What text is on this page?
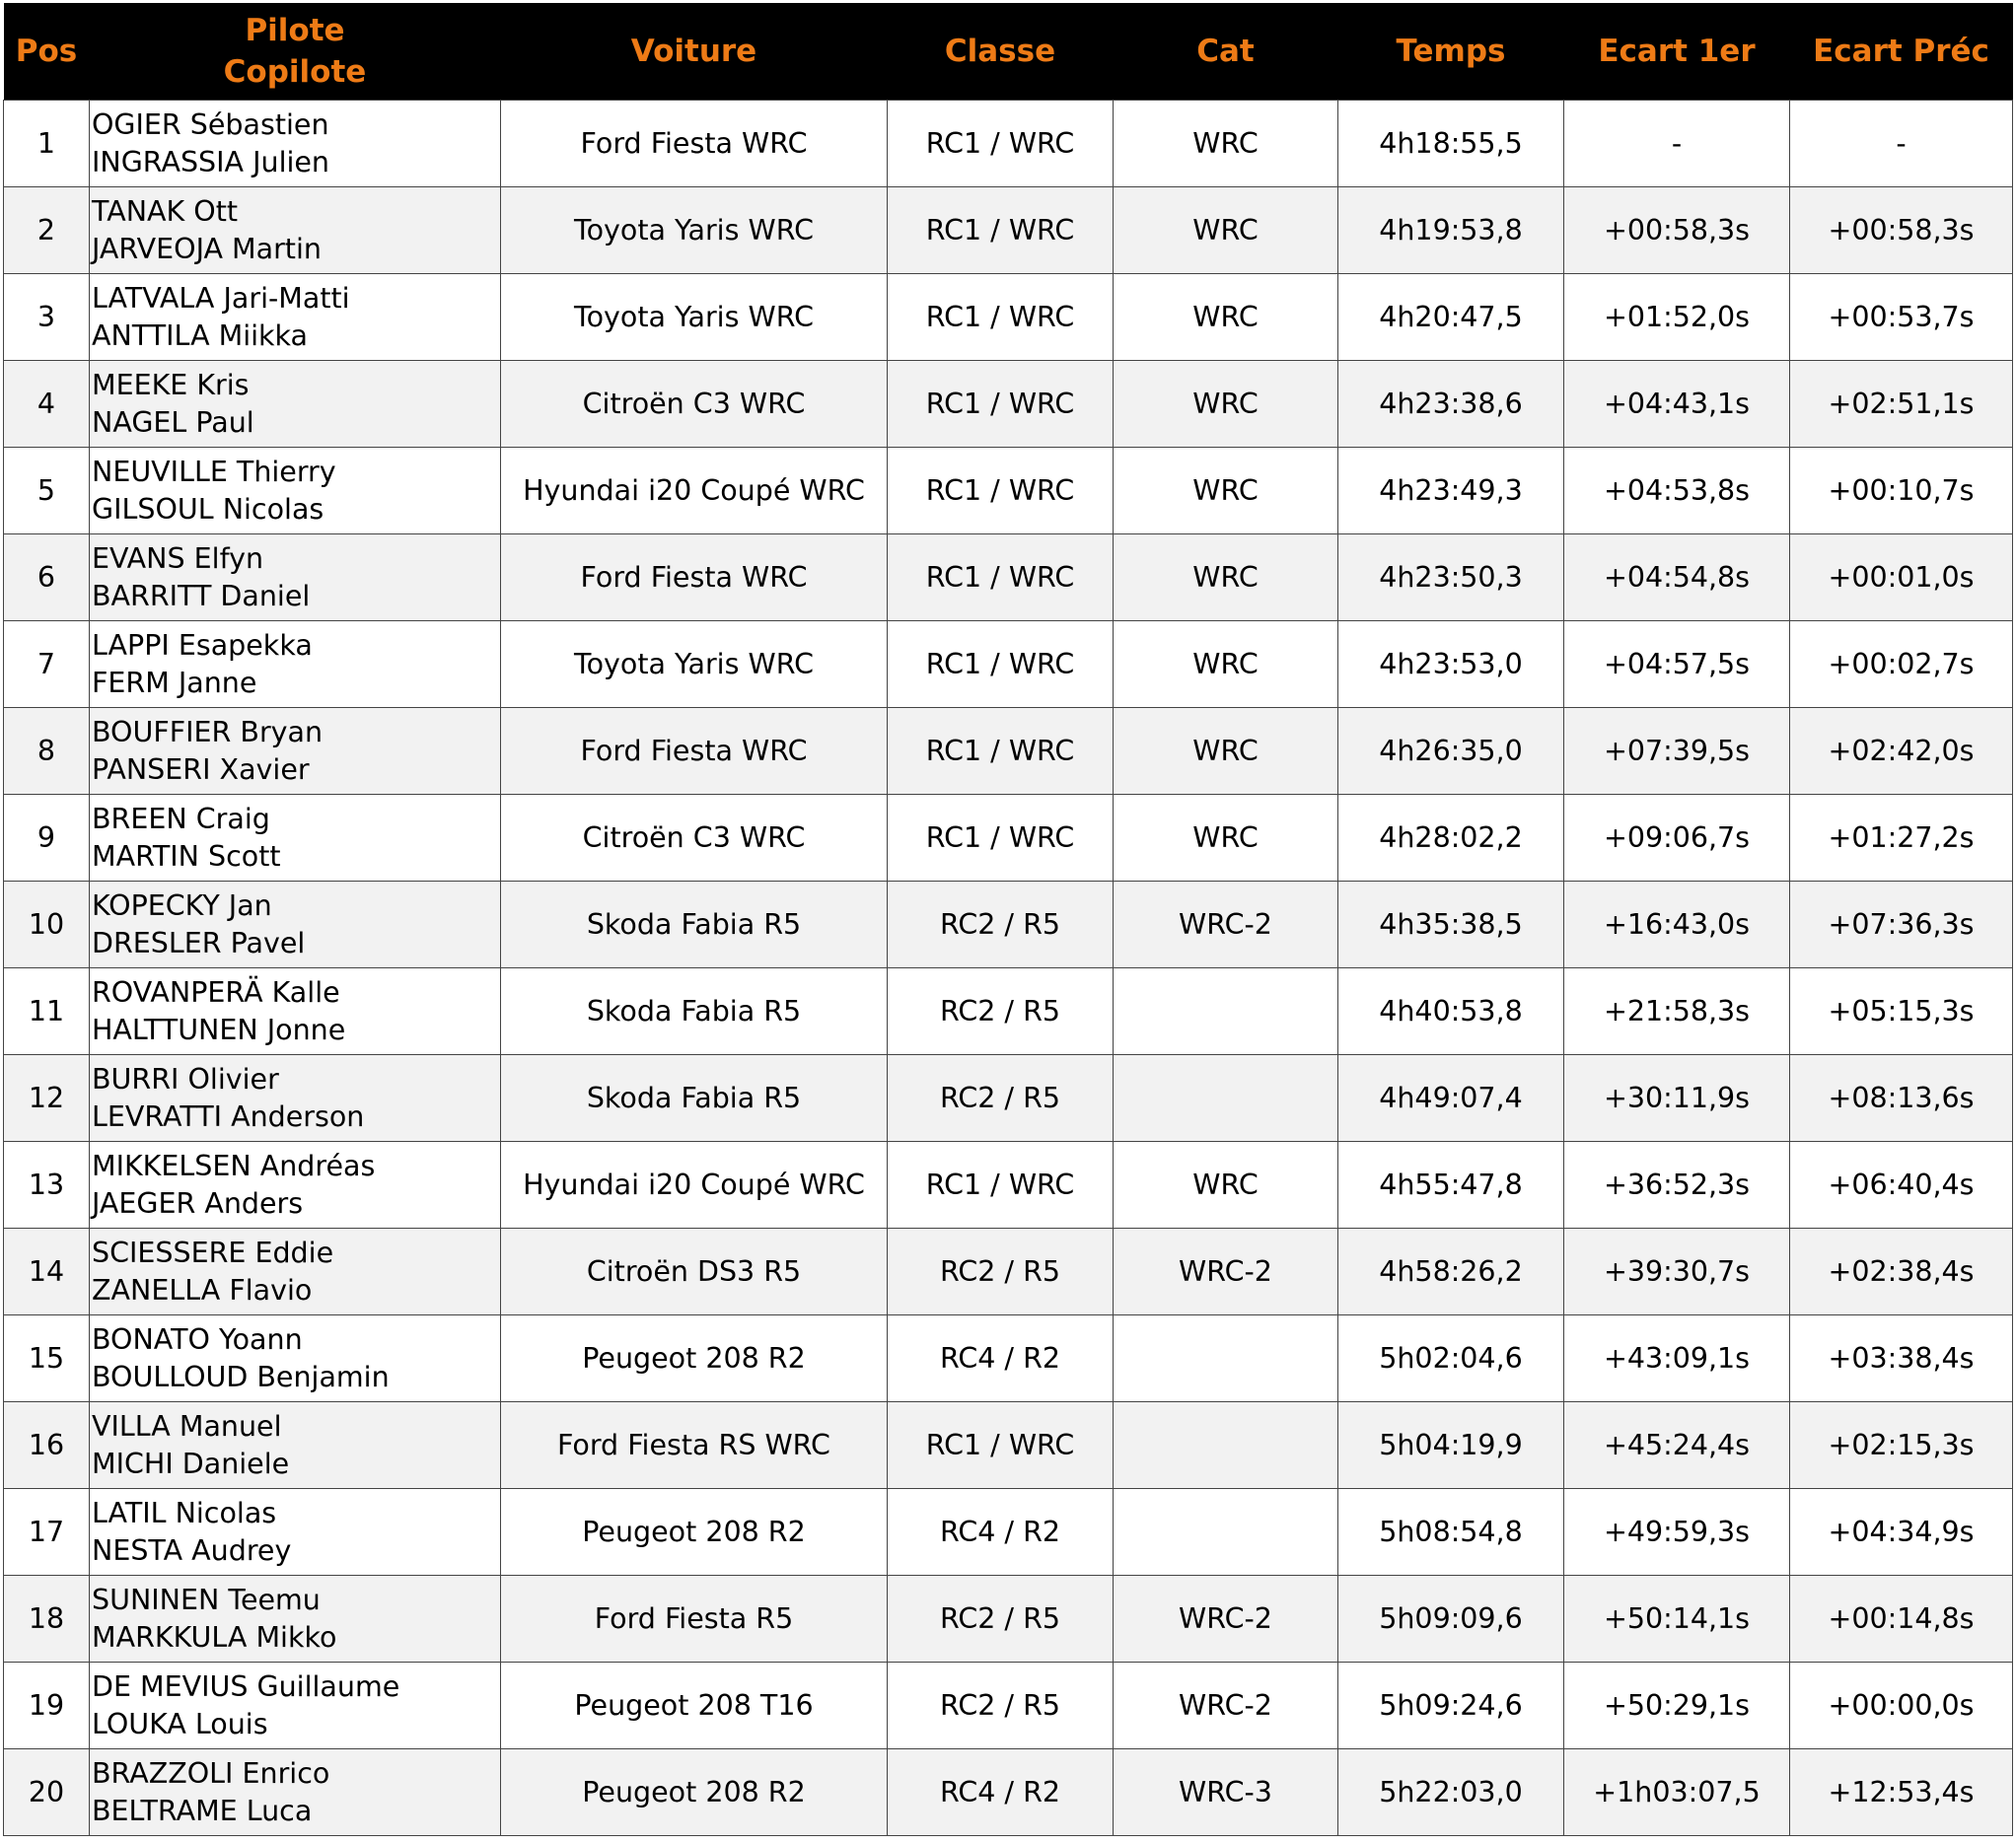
Pos	Pilote
Copilote	Voiture	Classe	Cat	Temps	Ecart 1er	Ecart Préc
1	OGIER Sébastien
INGRASSIA Julien	Ford Fiesta WRC	RC1 / WRC	WRC	4h18:55,5	-	-
2	TANAK Ott
JARVEOJA Martin	Toyota Yaris WRC	RC1 / WRC	WRC	4h19:53,8	+00:58,3s	+00:58,3s
3	LATVALA Jari-Matti
ANTTILA Miikka	Toyota Yaris WRC	RC1 / WRC	WRC	4h20:47,5	+01:52,0s	+00:53,7s
4	MEEKE Kris
NAGEL Paul	Citroën C3 WRC	RC1 / WRC	WRC	4h23:38,6	+04:43,1s	+02:51,1s
5	NEUVILLE Thierry
GILSOUL Nicolas	Hyundai i20 Coupé WRC	RC1 / WRC	WRC	4h23:49,3	+04:53,8s	+00:10,7s
6	EVANS Elfyn
BARRITT Daniel	Ford Fiesta WRC	RC1 / WRC	WRC	4h23:50,3	+04:54,8s	+00:01,0s
7	LAPPI Esapekka
FERM Janne	Toyota Yaris WRC	RC1 / WRC	WRC	4h23:53,0	+04:57,5s	+00:02,7s
8	BOUFFIER Bryan
PANSERI Xavier	Ford Fiesta WRC	RC1 / WRC	WRC	4h26:35,0	+07:39,5s	+02:42,0s
9	BREEN Craig
MARTIN Scott	Citroën C3 WRC	RC1 / WRC	WRC	4h28:02,2	+09:06,7s	+01:27,2s
10	KOPECKY Jan
DRESLER Pavel	Skoda Fabia R5	RC2 / R5	WRC-2	4h35:38,5	+16:43,0s	+07:36,3s
11	ROVANPERÄ Kalle
HALTTUNEN Jonne	Skoda Fabia R5	RC2 / R5		4h40:53,8	+21:58,3s	+05:15,3s
12	BURRI Olivier
LEVRATTI Anderson	Skoda Fabia R5	RC2 / R5		4h49:07,4	+30:11,9s	+08:13,6s
13	MIKKELSEN Andréas
JAEGER Anders	Hyundai i20 Coupé WRC	RC1 / WRC	WRC	4h55:47,8	+36:52,3s	+06:40,4s
14	SCIESSERE Eddie
ZANELLA Flavio	Citroën DS3 R5	RC2 / R5	WRC-2	4h58:26,2	+39:30,7s	+02:38,4s
15	BONATO Yoann
BOULLOUD Benjamin	Peugeot 208 R2	RC4 / R2		5h02:04,6	+43:09,1s	+03:38,4s
16	VILLA Manuel
MICHI Daniele	Ford Fiesta RS WRC	RC1 / WRC		5h04:19,9	+45:24,4s	+02:15,3s
17	LATIL Nicolas
NESTA Audrey	Peugeot 208 R2	RC4 / R2		5h08:54,8	+49:59,3s	+04:34,9s
18	SUNINEN Teemu
MARKKULA Mikko	Ford Fiesta R5	RC2 / R5	WRC-2	5h09:09,6	+50:14,1s	+00:14,8s
19	DE MEVIUS Guillaume
LOUKA Louis	Peugeot 208 T16	RC2 / R5	WRC-2	5h09:24,6	+50:29,1s	+00:00,0s
20	BRAZZOLI Enrico
BELTRAME Luca	Peugeot 208 R2	RC4 / R2	WRC-3	5h22:03,0	+1h03:07,5	+12:53,4s
